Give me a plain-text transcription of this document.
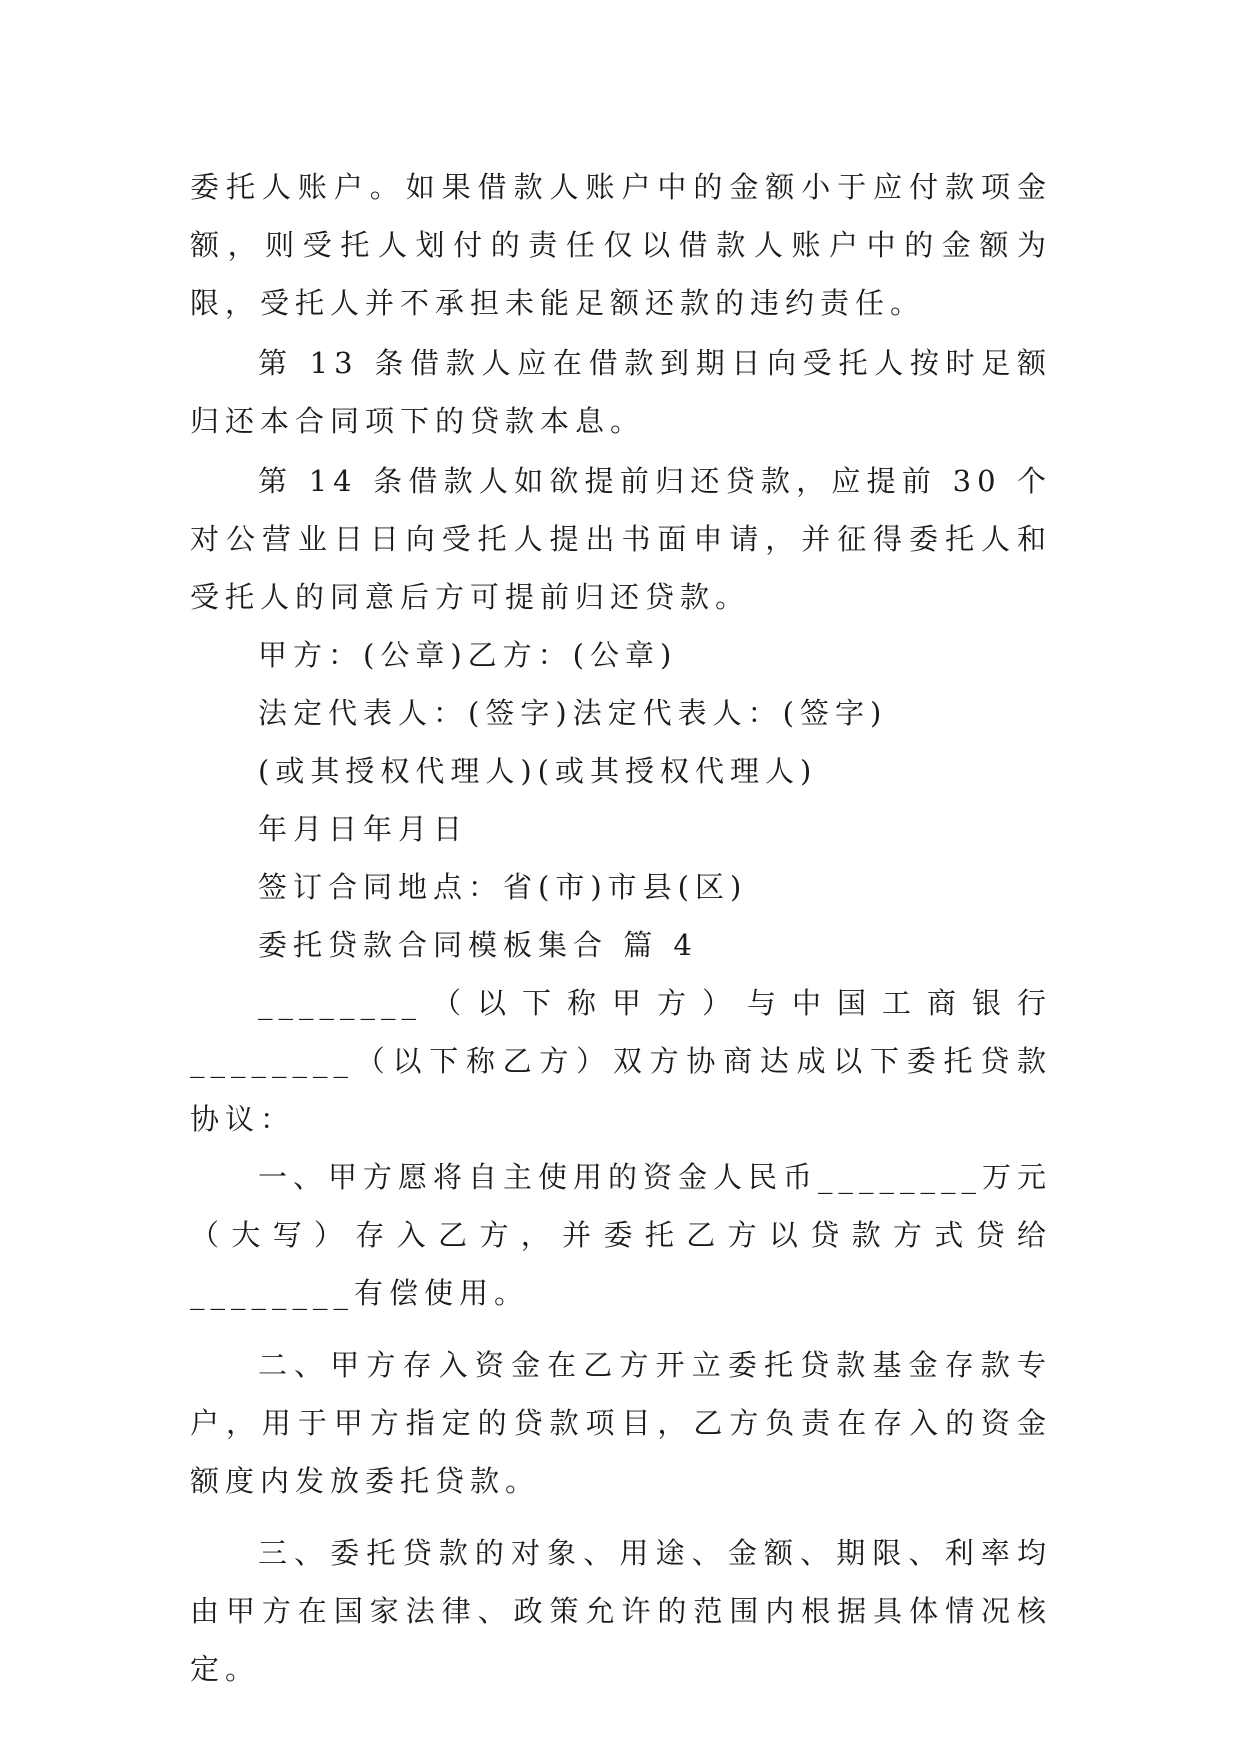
委托人账户。如果借款人账户中的金额小于应付款项金额，则受托人划付的责任仅以借款人账户中的金额为限，受托人并不承担未能足额还款的违约责任。

第 13 条借款人应在借款到期日向受托人按时足额归还本合同项下的贷款本息。

第 14 条借款人如欲提前归还贷款，应提前 30 个对公营业日日向受托人提出书面申请，并征得委托人和受托人的同意后方可提前归还贷款。

甲方：(公章)乙方：(公章)

法定代表人：(签字)法定代表人：(签字)

(或其授权代理人)(或其授权代理人)

年月日年月日

签订合同地点：省(市)市县(区)

委托贷款合同模板集合 篇 4

________（以下称甲方）与中国工商银行________（以下称乙方）双方协商达成以下委托贷款协议：

一、甲方愿将自主使用的资金人民币________万元（大写）存入乙方，并委托乙方以贷款方式贷给________有偿使用。

二、甲方存入资金在乙方开立委托贷款基金存款专户，用于甲方指定的贷款项目，乙方负责在存入的资金额度内发放委托贷款。

三、委托贷款的对象、用途、金额、期限、利率均由甲方在国家法律、政策允许的范围内根据具体情况核定。
